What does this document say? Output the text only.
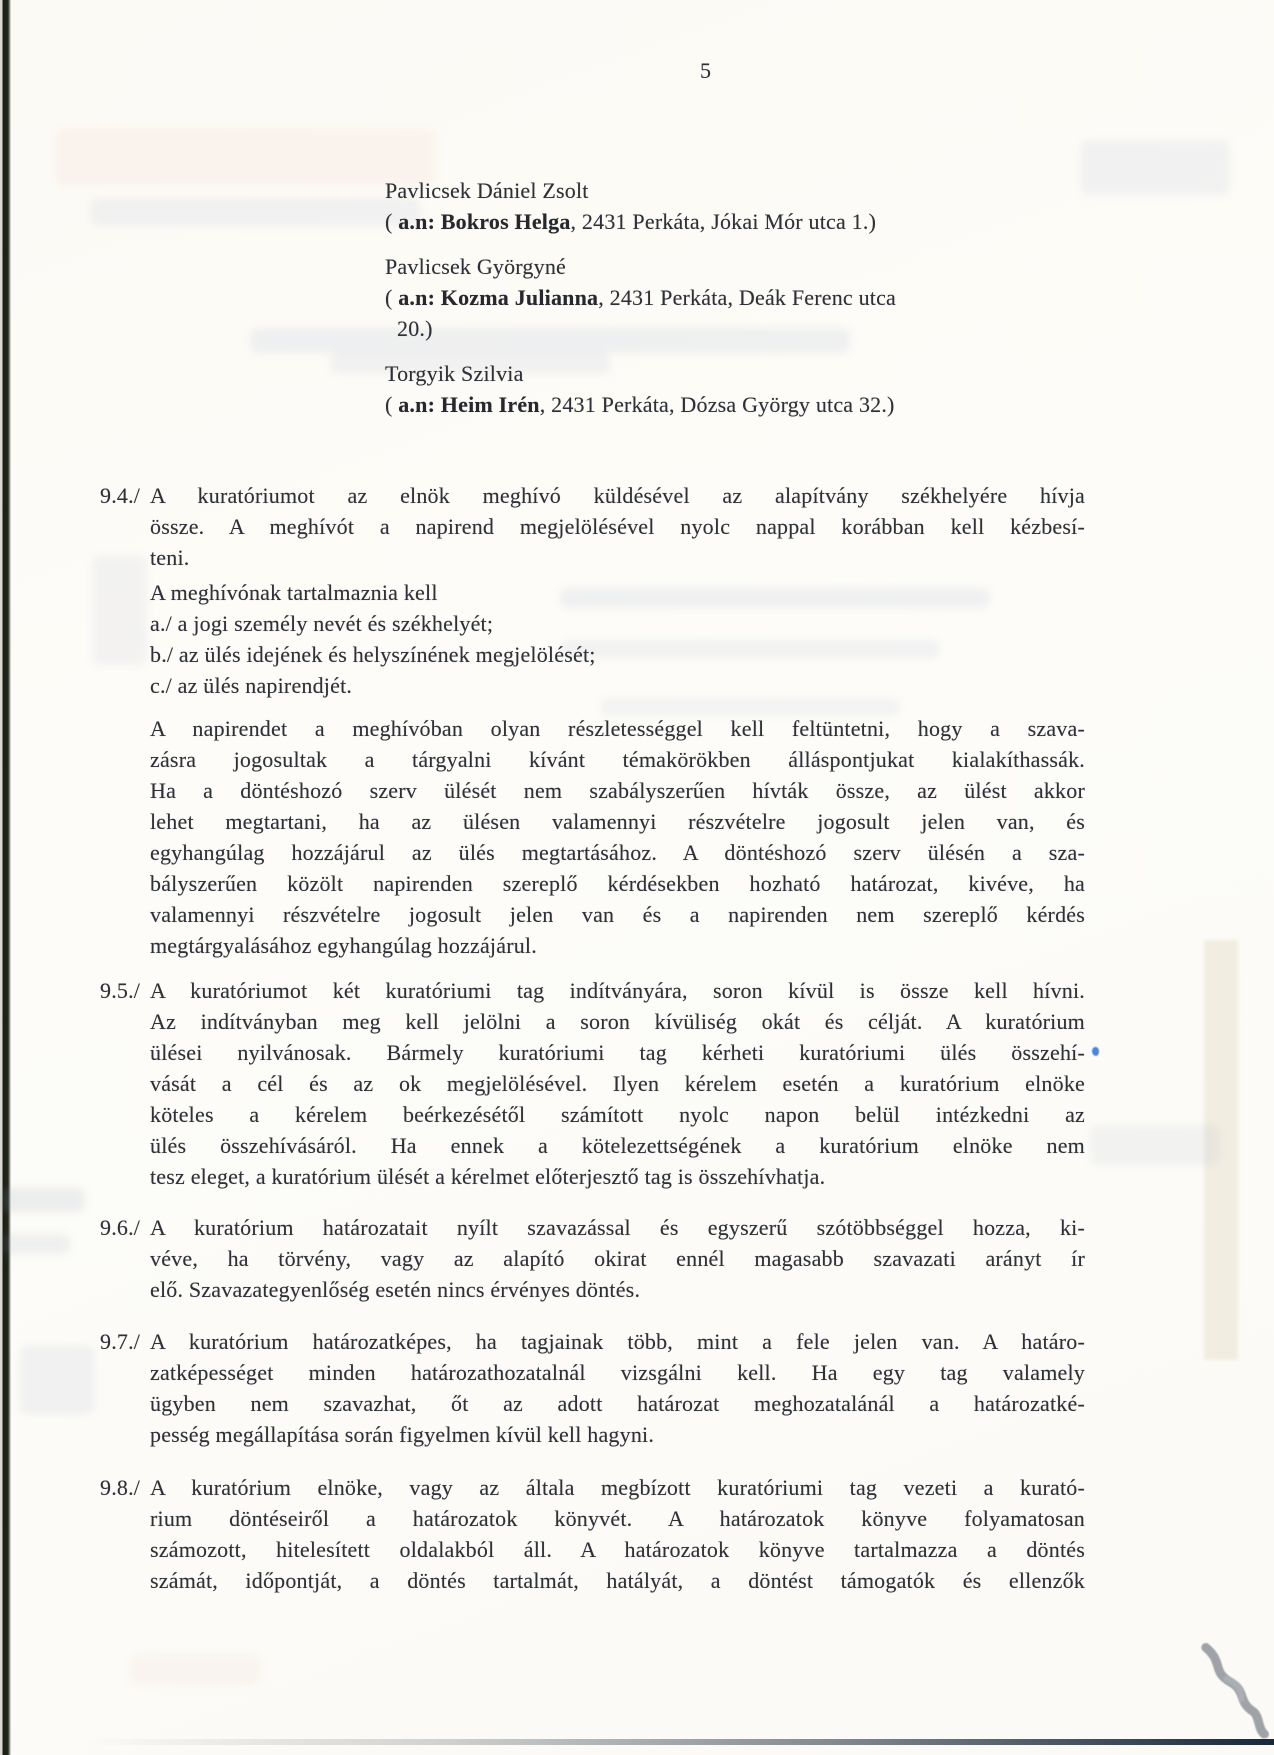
5
Pavlicsek Dániel Zsolt
( a.n: Bokros Helga, 2431 Perkáta, Jókai Mór utca 1.)
Pavlicsek Györgyné
( a.n: Kozma Julianna, 2431 Perkáta, Deák Ferenc utca
20.)
Torgyik Szilvia
( a.n: Heim Irén, 2431 Perkáta, Dózsa György utca 32.)
9.4./ A kuratóriumot az elnök meghívó küldésével az alapítvány székhelyére hívja
össze. A meghívót a napirend megjelölésével nyolc nappal korábban kell kézbesí-
teni.
A meghívónak tartalmaznia kell
a./ a jogi személy nevét és székhelyét;
b./ az ülés idejének és helyszínének megjelölését;
c./ az ülés napirendjét.
A napirendet a meghívóban olyan részletességgel kell feltüntetni, hogy a szava-
zásra jogosultak a tárgyalni kívánt témakörökben álláspontjukat kialakíthassák.
Ha a döntéshozó szerv ülését nem szabályszerűen hívták össze, az ülést akkor
lehet megtartani, ha az ülésen valamennyi részvételre jogosult jelen van, és
egyhangúlag hozzájárul az ülés megtartásához. A döntéshozó szerv ülésén a sza-
bályszerűen közölt napirenden szereplő kérdésekben hozható határozat, kivéve, ha
valamennyi részvételre jogosult jelen van és a napirenden nem szereplő kérdés
megtárgyalásához egyhangúlag hozzájárul.
9.5./ A kuratóriumot két kuratóriumi tag indítványára, soron kívül is össze kell hívni.
Az indítványban meg kell jelölni a soron kívüliség okát és célját. A kuratórium
ülései nyilvánosak. Bármely kuratóriumi tag kérheti kuratóriumi ülés összehí-
vását a cél és az ok megjelölésével. Ilyen kérelem esetén a kuratórium elnöke
köteles a kérelem beérkezésétől számított nyolc napon belül intézkedni az
ülés összehívásáról. Ha ennek a kötelezettségének a kuratórium elnöke nem
tesz eleget, a kuratórium ülését a kérelmet előterjesztő tag is összehívhatja.
9.6./ A kuratórium határozatait nyílt szavazással és egyszerű szótöbbséggel hozza, ki-
véve, ha törvény, vagy az alapító okirat ennél magasabb szavazati arányt ír
elő. Szavazategyenlőség esetén nincs érvényes döntés.
9.7./ A kuratórium határozatképes, ha tagjainak több, mint a fele jelen van. A határo-
zatképességet minden határozathozatalnál vizsgálni kell. Ha egy tag valamely
ügyben nem szavazhat, őt az adott határozat meghozatalánál a határozatké-
pesség megállapítása során figyelmen kívül kell hagyni.
9.8./ A kuratórium elnöke, vagy az általa megbízott kuratóriumi tag vezeti a kurató-
rium döntéseiről a határozatok könyvét. A határozatok könyve folyamatosan
számozott, hitelesített oldalakból áll. A határozatok könyve tartalmazza a döntés
számát, időpontját, a döntés tartalmát, hatályát, a döntést támogatók és ellenzők
